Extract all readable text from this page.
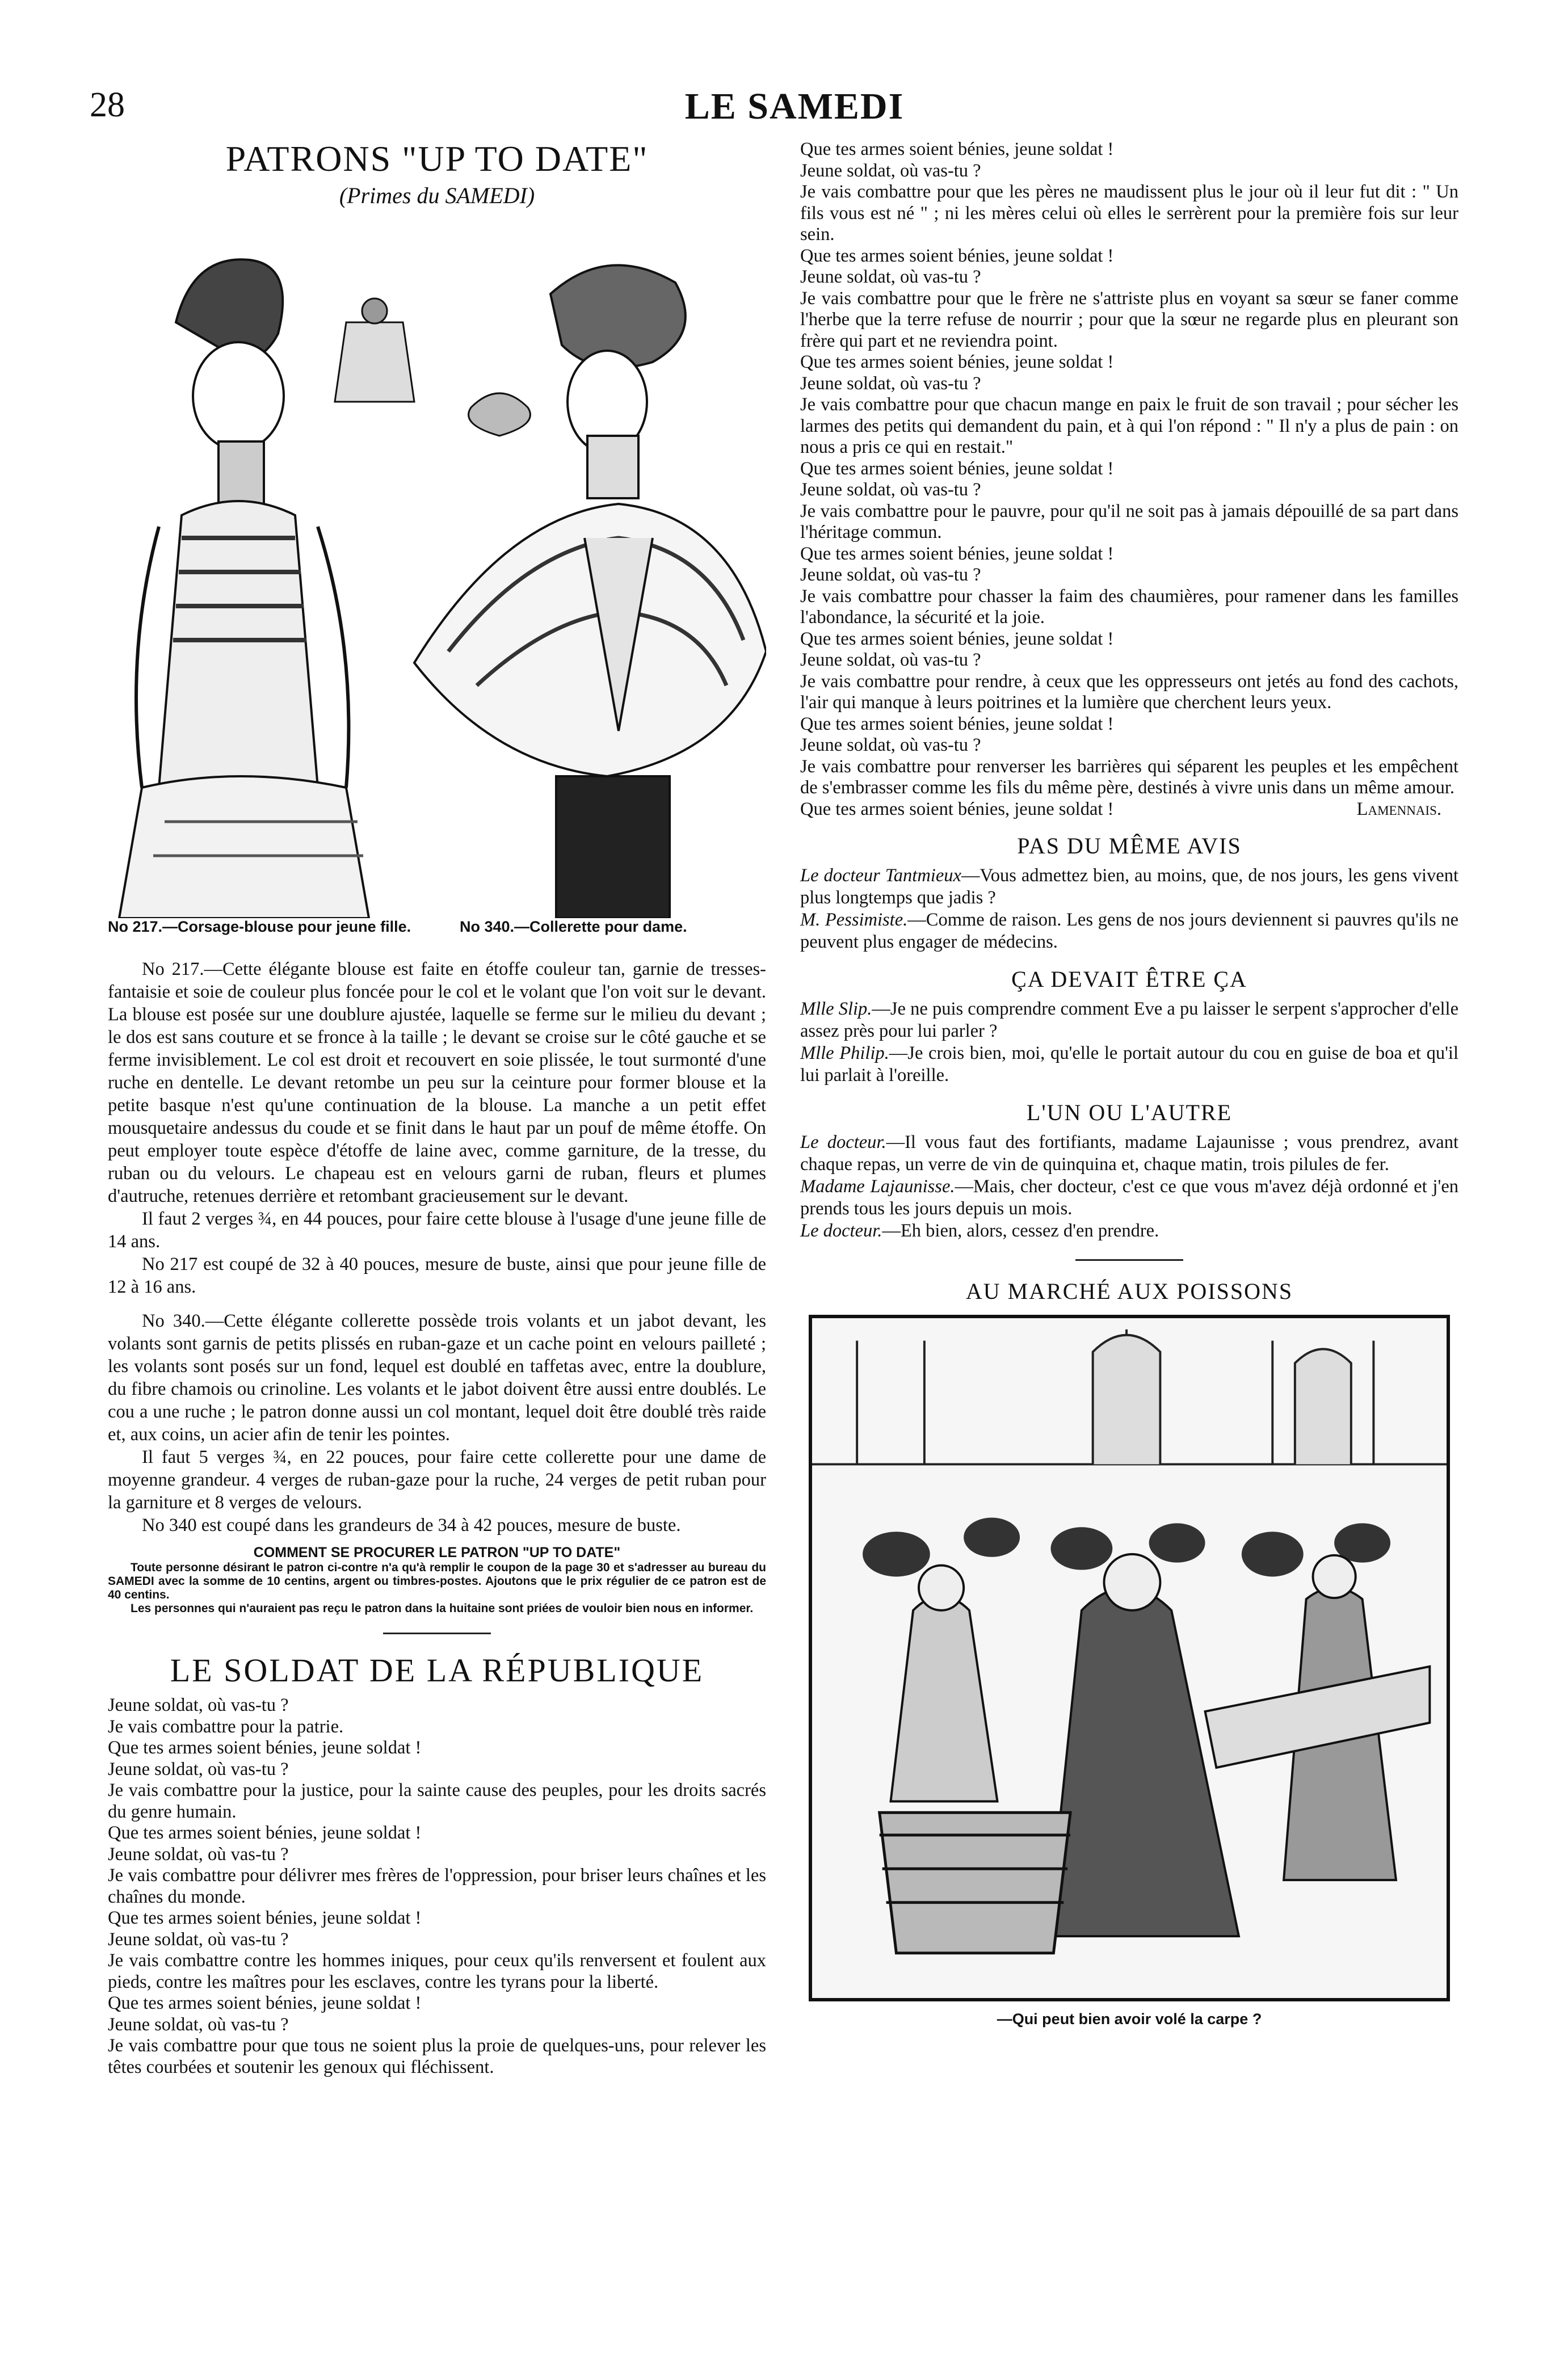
28	LE SAMEDI
PATRONS "UP TO DATE"
(Primes du SAMEDI)
No 217.—Corsage-blouse pour jeune fille.	No 340.—Collerette pour dame.

No 217.—Cette élégante blouse est faite en étoffe couleur tan, garnie de tresses-fantaisie et soie de couleur plus foncée pour le col et le volant que l'on voit sur le devant. La blouse est posée sur une doublure ajustée, laquelle se ferme sur le milieu du devant ; le dos est sans couture et se fronce à la taille ; le devant se croise sur le côté gauche et se ferme invisiblement. Le col est droit et recouvert en soie plissée, le tout surmonté d'une ruche en dentelle. Le devant retombe un peu sur la ceinture pour former blouse et la petite basque n'est qu'une continuation de la blouse. La manche a un petit effet mousquetaire andessus du coude et se finit dans le haut par un pouf de même étoffe. On peut employer toute espèce d'étoffe de laine avec, comme garniture, de la tresse, du ruban ou du velours. Le chapeau est en velours garni de ruban, fleurs et plumes d'autruche, retenues derrière et retombant gracieusement sur le devant.

Il faut 2 verges ¾, en 44 pouces, pour faire cette blouse à l'usage d'une jeune fille de 14 ans.

No 217 est coupé de 32 à 40 pouces, mesure de buste, ainsi que pour jeune fille de 12 à 16 ans.

No 340.—Cette élégante collerette possède trois volants et un jabot devant, les volants sont garnis de petits plissés en ruban-gaze et un cache point en velours pailleté ; les volants sont posés sur un fond, lequel est doublé en taffetas avec, entre la doublure, du fibre chamois ou crinoline. Les volants et le jabot doivent être aussi entre doublés. Le cou a une ruche ; le patron donne aussi un col montant, lequel doit être doublé très raide et, aux coins, un acier afin de tenir les pointes.

Il faut 5 verges ¾, en 22 pouces, pour faire cette collerette pour une dame de moyenne grandeur. 4 verges de ruban-gaze pour la ruche, 24 verges de petit ruban pour la garniture et 8 verges de velours.

No 340 est coupé dans les grandeurs de 34 à 42 pouces, mesure de buste.

COMMENT SE PROCURER LE PATRON "UP TO DATE"

Toute personne désirant le patron ci-contre n'a qu'à remplir le coupon de la page 30 et s'adresser au bureau du SAMEDI avec la somme de 10 centins, argent ou timbres-postes. Ajoutons que le prix régulier de ce patron est de 40 centins.

Les personnes qui n'auraient pas reçu le patron dans la huitaine sont priées de vouloir bien nous en informer.

LE SOLDAT DE LA RÉPUBLIQUE

Jeune soldat, où vas-tu ?

Je vais combattre pour la patrie.

Que tes armes soient bénies, jeune soldat !

Jeune soldat, où vas-tu ?

Je vais combattre pour la justice, pour la sainte cause des peuples, pour les droits sacrés du genre humain.

Que tes armes soient bénies, jeune soldat !

Jeune soldat, où vas-tu ?

Je vais combattre pour délivrer mes frères de l'oppression, pour briser leurs chaînes et les chaînes du monde.

Que tes armes soient bénies, jeune soldat !

Jeune soldat, où vas-tu ?

Je vais combattre contre les hommes iniques, pour ceux qu'ils renversent et foulent aux pieds, contre les maîtres pour les esclaves, contre les tyrans pour la liberté.

Que tes armes soient bénies, jeune soldat !

Jeune soldat, où vas-tu ?

Je vais combattre pour que tous ne soient plus la proie de quelques-uns, pour relever les têtes courbées et soutenir les genoux qui fléchissent.

Que tes armes soient bénies, jeune soldat !

Jeune soldat, où vas-tu ?

Je vais combattre pour que les pères ne maudissent plus le jour où il leur fut dit : " Un fils vous est né " ; ni les mères celui où elles le serrèrent pour la première fois sur leur sein.

Que tes armes soient bénies, jeune soldat !

Jeune soldat, où vas-tu ?

Je vais combattre pour que le frère ne s'attriste plus en voyant sa sœur se faner comme l'herbe que la terre refuse de nourrir ; pour que la sœur ne regarde plus en pleurant son frère qui part et ne reviendra point.

Que tes armes soient bénies, jeune soldat !

Jeune soldat, où vas-tu ?

Je vais combattre pour que chacun mange en paix le fruit de son travail ; pour sécher les larmes des petits qui demandent du pain, et à qui l'on répond : " Il n'y a plus de pain : on nous a pris ce qui en restait."

Que tes armes soient bénies, jeune soldat !

Jeune soldat, où vas-tu ?

Je vais combattre pour le pauvre, pour qu'il ne soit pas à jamais dépouillé de sa part dans l'héritage commun.

Que tes armes soient bénies, jeune soldat !

Jeune soldat, où vas-tu ?

Je vais combattre pour chasser la faim des chaumières, pour ramener dans les familles l'abondance, la sécurité et la joie.

Que tes armes soient bénies, jeune soldat !

Jeune soldat, où vas-tu ?

Je vais combattre pour rendre, à ceux que les oppresseurs ont jetés au fond des cachots, l'air qui manque à leurs poitrines et la lumière que cherchent leurs yeux.

Que tes armes soient bénies, jeune soldat !

Jeune soldat, où vas-tu ?

Je vais combattre pour renverser les barrières qui séparent les peuples et les empêchent de s'embrasser comme les fils du même père, destinés à vivre unis dans un même amour.

Que tes armes soient bénies, jeune soldat !	Lamennais.

PAS DU MÊME AVIS

Le docteur Tantmieux—Vous admettez bien, au moins, que, de nos jours, les gens vivent plus longtemps que jadis ?

M. Pessimiste.—Comme de raison. Les gens de nos jours deviennent si pauvres qu'ils ne peuvent plus engager de médecins.

ÇA DEVAIT ÊTRE ÇA

Mlle Slip.—Je ne puis comprendre comment Eve a pu laisser le serpent s'approcher d'elle assez près pour lui parler ?

Mlle Philip.—Je crois bien, moi, qu'elle le portait autour du cou en guise de boa et qu'il lui parlait à l'oreille.

L'UN OU L'AUTRE

Le docteur.—Il vous faut des fortifiants, madame Lajaunisse ; vous prendrez, avant chaque repas, un verre de vin de quinquina et, chaque matin, trois pilules de fer.

Madame Lajaunisse.—Mais, cher docteur, c'est ce que vous m'avez déjà ordonné et j'en prends tous les jours depuis un mois.

Le docteur.—Eh bien, alors, cessez d'en prendre.

AU MARCHÉ AUX POISSONS
—Qui peut bien avoir volé la carpe ?
